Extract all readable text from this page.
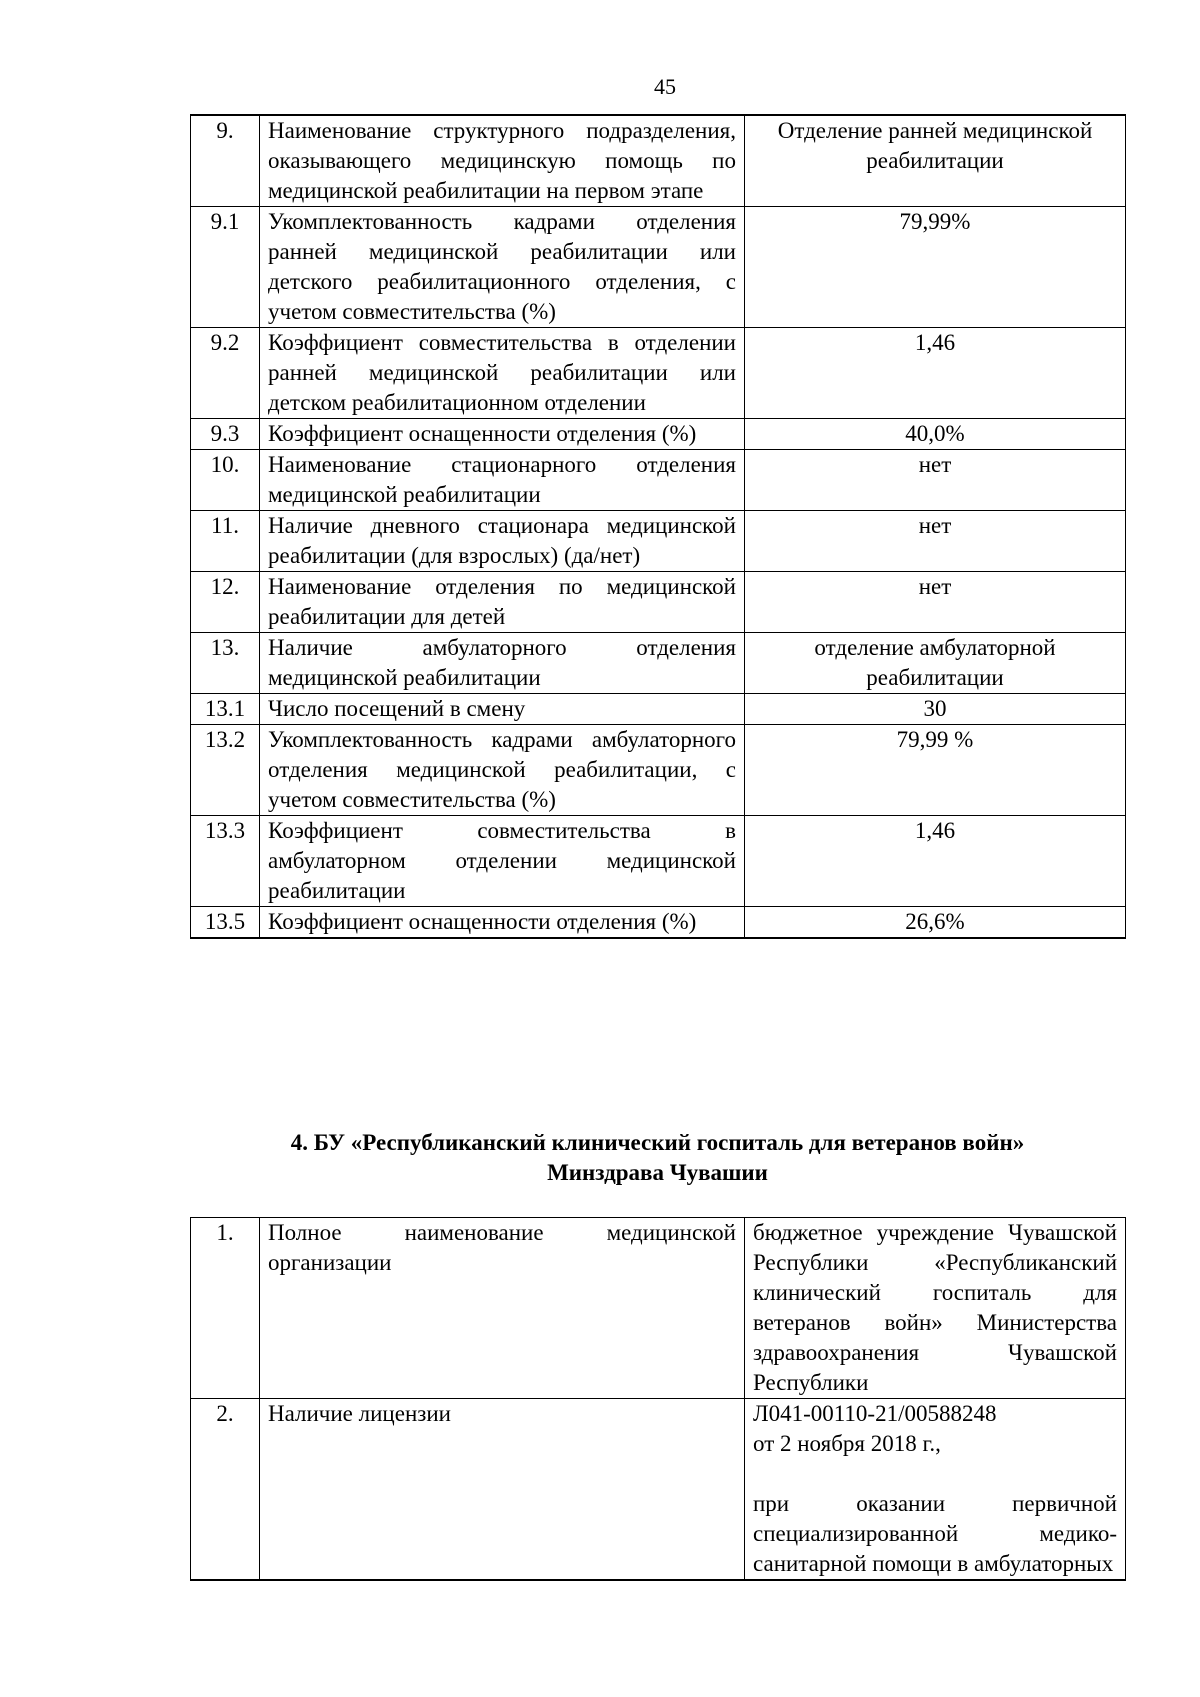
45
9.	Наименование структурного подразделения, оказывающего медицинскую помощь по медицинской реабилитации на первом этапе	Отделение ранней медицинской реабилитации
9.1	Укомплектованность кадрами отделения ранней медицинской реабилитации или детского реабилитационного отделения, с учетом совместительства (%)	79,99%
9.2	Коэффициент совместительства в отделении ранней медицинской реабилитации или детском реабилитационном отделении	1,46
9.3	Коэффициент оснащенности отделения (%)	40,0%
10.	Наименование стационарного отделения медицинской реабилитации	нет
11.	Наличие дневного стационара медицинской реабилитации (для взрослых) (да/нет)	нет
12.	Наименование отделения по медицинской реабилитации для детей	нет
13.	Наличие амбулаторного отделения медицинской реабилитации	отделение амбулаторной реабилитации
13.1	Число посещений в смену	30
13.2	Укомплектованность кадрами амбулаторного отделения медицинской реабилитации, с учетом совместительства (%)	79,99 %
13.3	Коэффициент совместительства в амбулаторном отделении медицинской реабилитации	1,46
13.5	Коэффициент оснащенности отделения (%)	26,6%
4. БУ «Республиканский клинический госпиталь для ветеранов войн»
Минздрава Чувашии
1.	Полное наименование медицинской организации	бюджетное учреждение Чувашской Республики «Республиканский клинический госпиталь для ветеранов войн» Министерства здравоохранения Чувашской Республики
2.	Наличие лицензии	Л041-00110-21/00588248
от 2 ноября 2018 г.,
при оказании первичной специализированной медико-санитарной помощи в амбулаторных
